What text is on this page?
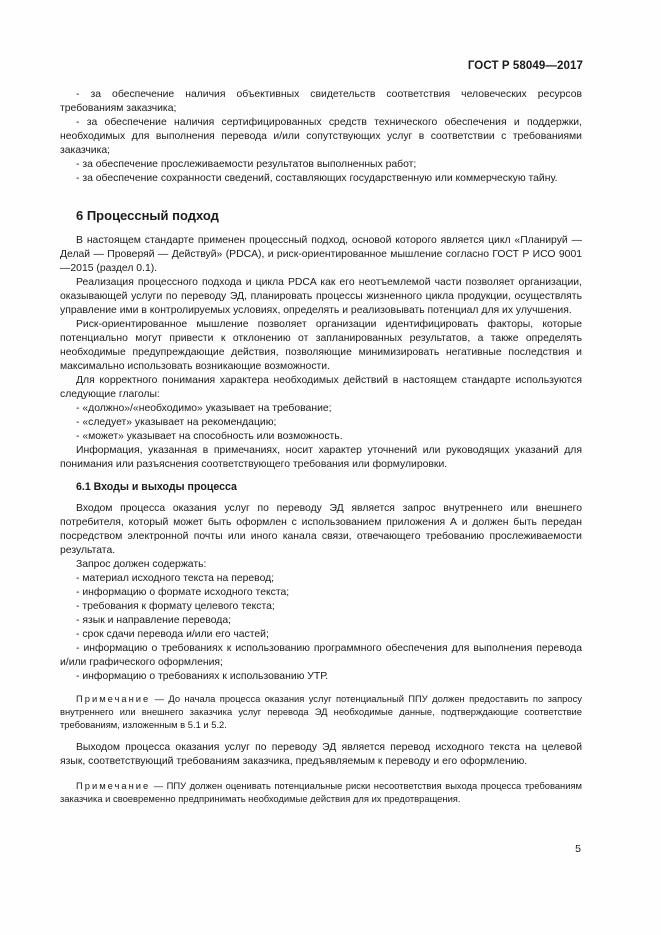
ГОСТ Р 58049—2017

- за обеспечение наличия объективных свидетельств соответствия человеческих ресурсов требованиям заказчика;

- за обеспечение наличия сертифицированных средств технического обеспечения и поддержки, необходимых для выполнения перевода и/или сопутствующих услуг в соответствии с требованиями заказчика;

- за обеспечение прослеживаемости результатов выполненных работ;

- за обеспечение сохранности сведений, составляющих государственную или коммерческую тайну.

6 Процессный подход

В настоящем стандарте применен процессный подход, основой которого является цикл «Планируй — Делай — Проверяй — Действуй» (PDCA), и риск-ориентированное мышление согласно ГОСТ Р ИСО 9001—2015 (раздел 0.1).

Реализация процессного подхода и цикла PDCA как его неотъемлемой части позволяет организации, оказывающей услуги по переводу ЭД, планировать процессы жизненного цикла продукции, осуществлять управление ими в контролируемых условиях, определять и реализовывать потенциал для их улучшения.

Риск-ориентированное мышление позволяет организации идентифицировать факторы, которые потенциально могут привести к отклонению от запланированных результатов, а также определять необходимые предупреждающие действия, позволяющие минимизировать негативные последствия и максимально использовать возникающие возможности.

Для корректного понимания характера необходимых действий в настоящем стандарте используются следующие глаголы:

- «должно»/«необходимо» указывает на требование;

- «следует» указывает на рекомендацию;

- «может» указывает на способность или возможность.

Информация, указанная в примечаниях, носит характер уточнений или руководящих указаний для понимания или разъяснения соответствующего требования или формулировки.

6.1 Входы и выходы процесса

Входом процесса оказания услуг по переводу ЭД является запрос внутреннего или внешнего потребителя, который может быть оформлен с использованием приложения А и должен быть передан посредством электронной почты или иного канала связи, отвечающего требованию прослеживаемости результата.

Запрос должен содержать:

- материал исходного текста на перевод;

- информацию о формате исходного текста;

- требования к формату целевого текста;

- язык и направление перевода;

- срок сдачи перевода и/или его частей;

- информацию о требованиях к использованию программного обеспечения для выполнения перевода и/или графического оформления;

- информацию о требованиях к использованию УТР.

Примечание — До начала процесса оказания услуг потенциальный ППУ должен предоставить по запросу внутреннего или внешнего заказчика услуг перевода ЭД необходимые данные, подтверждающие соответствие требованиям, изложенным в 5.1 и 5.2.

Выходом процесса оказания услуг по переводу ЭД является перевод исходного текста на целевой язык, соответствующий требованиям заказчика, предъявляемым к переводу и его оформлению.

Примечание — ППУ должен оценивать потенциальные риски несоответствия выхода процесса требованиям заказчика и своевременно предпринимать необходимые действия для их предотвращения.

5
